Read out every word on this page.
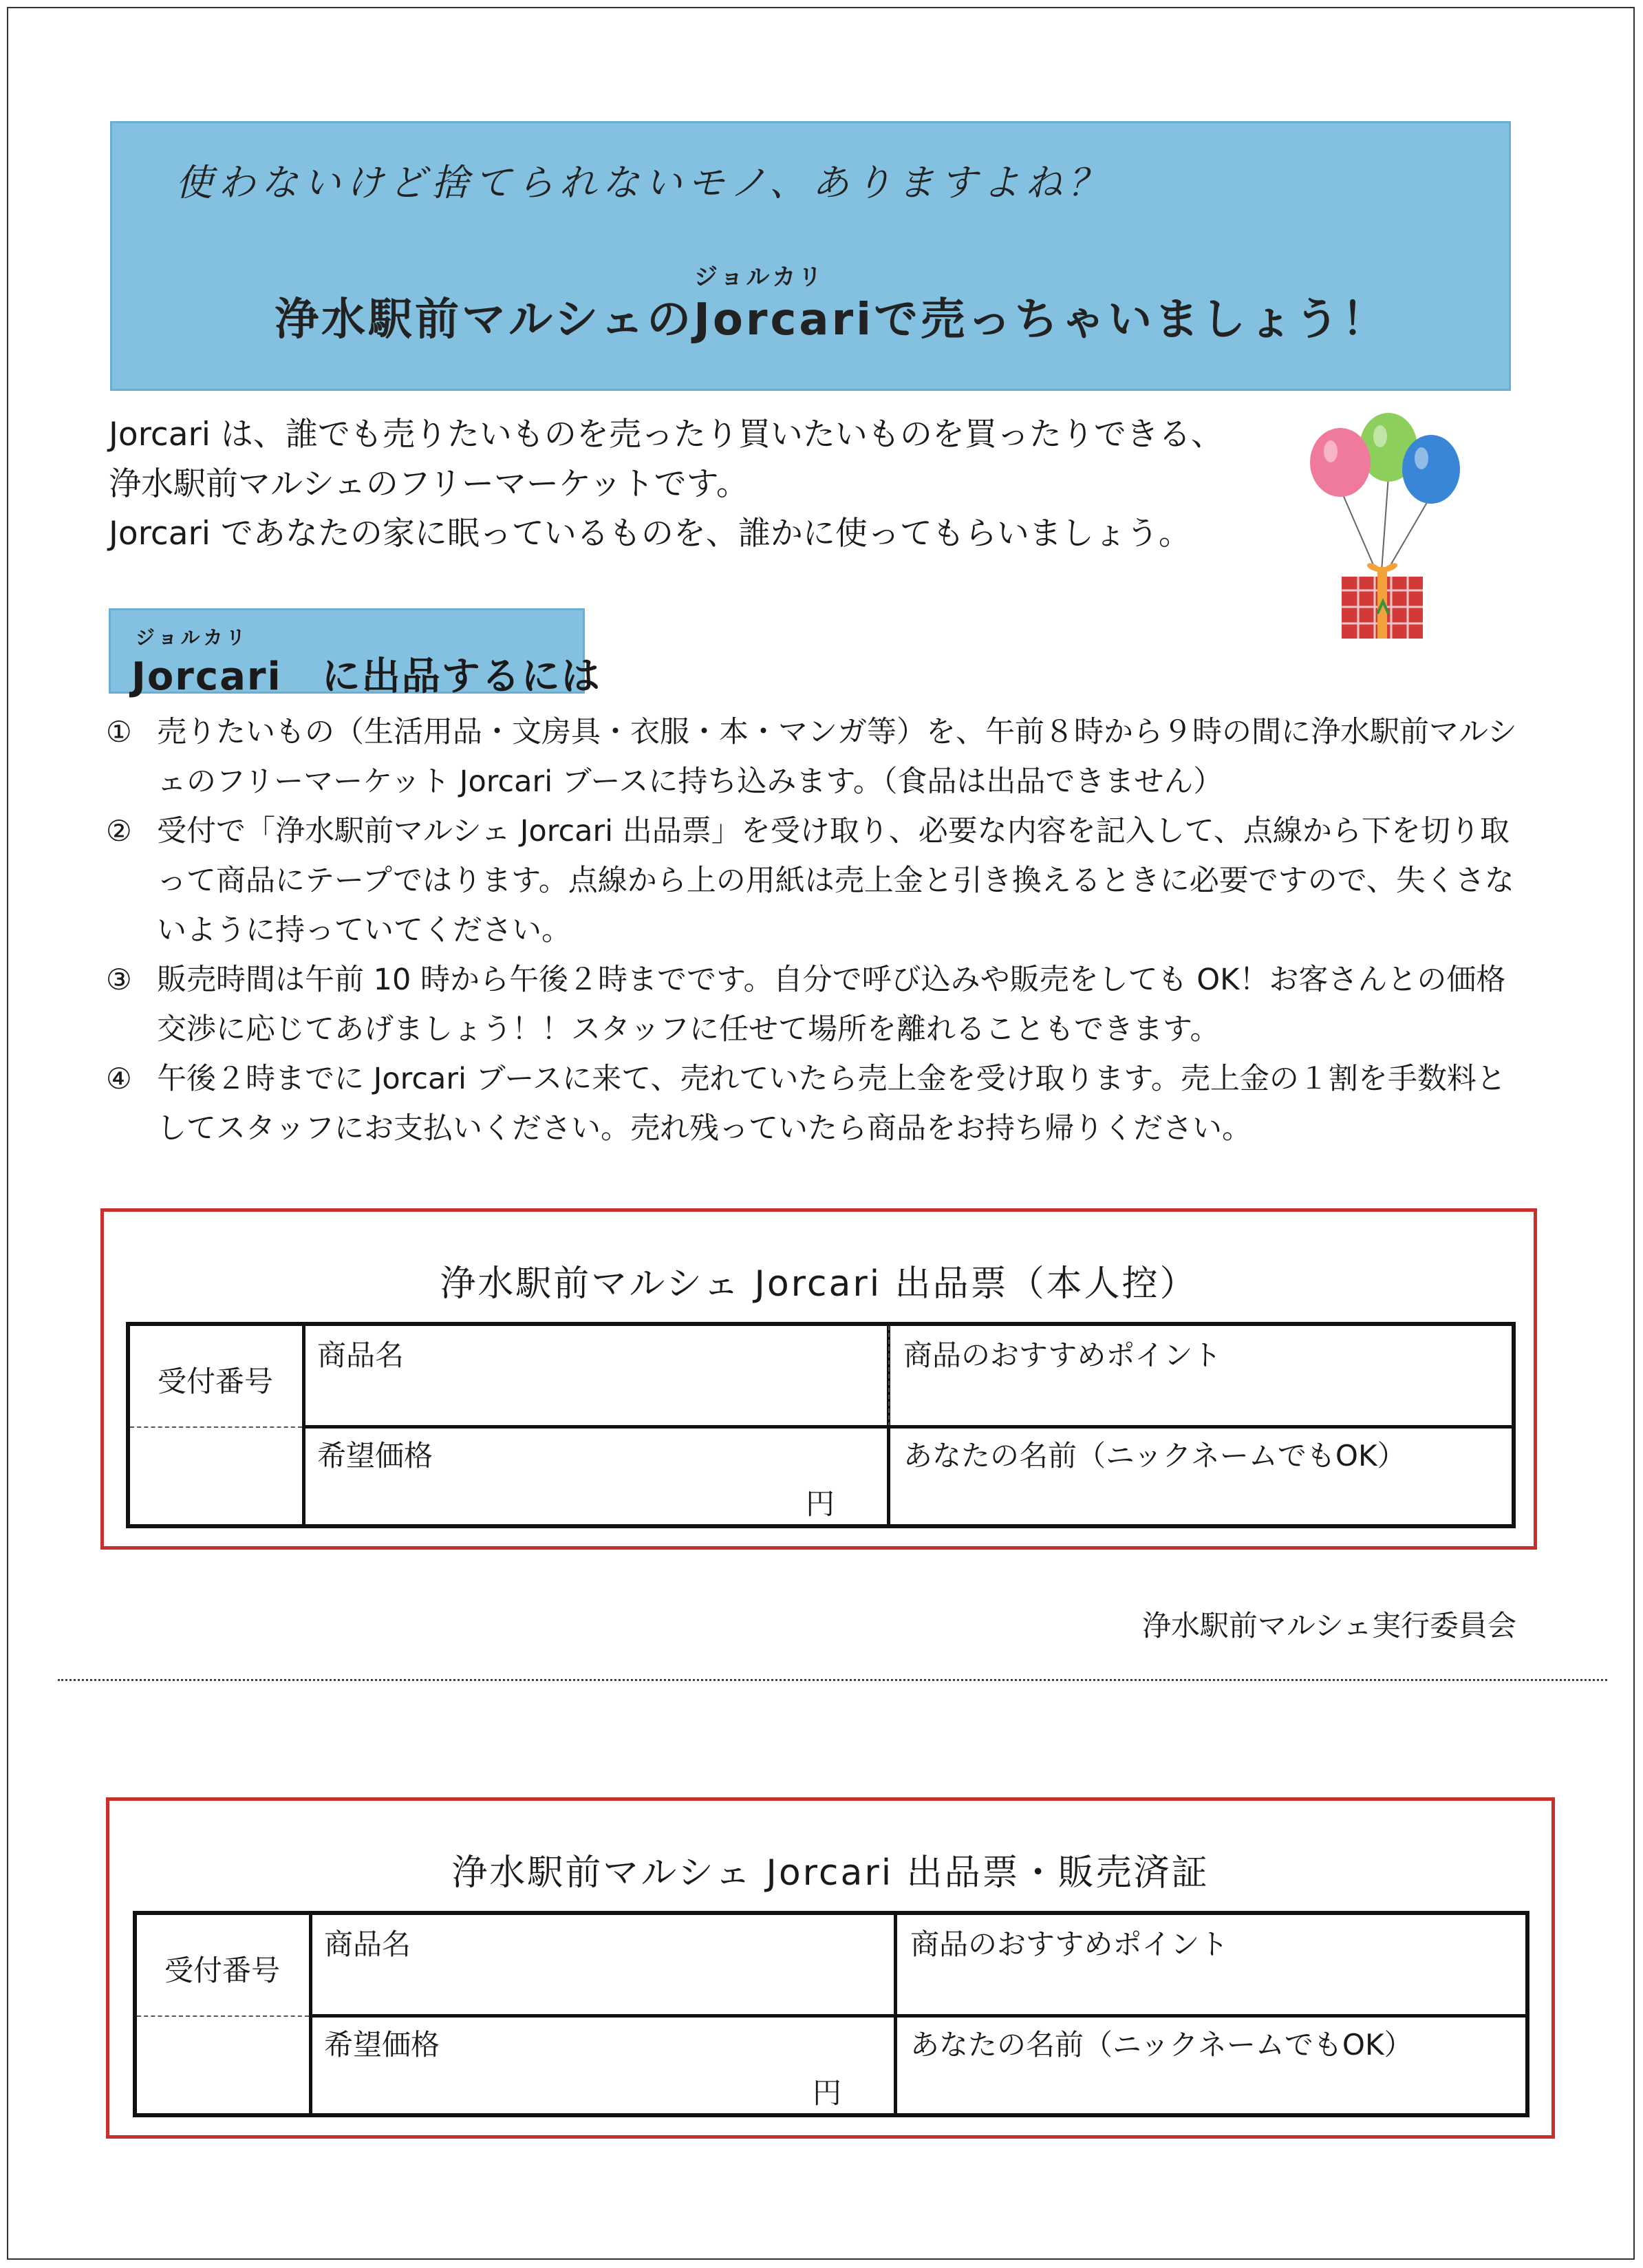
使わないけど捨てられないモノ、ありますよね？
ジョルカリ
浄水駅前マルシェのJorcariで売っちゃいましょう！

Jorcari は、誰でも売りたいものを売ったり買いたいものを買ったりできる、

浄水駅前マルシェのフリーマーケットです。

Jorcari であなたの家に眠っているものを、誰かに使ってもらいましょう。

ジョルカリ
Jorcari　に出品するには
① 売りたいもの（生活用品・文房具・衣服・本・マンガ等）を、午前８時から９時の間に浄水駅前マルシェのフリーマーケット Jorcari ブースに持ち込みます。（食品は出品できません）
② 受付で「浄水駅前マルシェ Jorcari 出品票」を受け取り、必要な内容を記入して、点線から下を切り取って商品にテープではります。点線から上の用紙は売上金と引き換えるときに必要ですので、失くさないように持っていてください。
③ 販売時間は午前 10 時から午後２時までです。自分で呼び込みや販売をしても OK！お客さんとの価格交渉に応じてあげましょう！！スタッフに任せて場所を離れることもできます。
④ 午後２時までに Jorcari ブースに来て、売れていたら売上金を受け取ります。売上金の１割を手数料としてスタッフにお支払いください。売れ残っていたら商品をお持ち帰りください。
浄水駅前マルシェ Jorcari 出品票（本人控）
受付番号
商品名	商品のおすすめポイント
希望価格
円
あなたの名前（ニックネームでもOK）
浄水駅前マルシェ実行委員会
浄水駅前マルシェ Jorcari 出品票・販売済証
受付番号
商品名	商品のおすすめポイント
希望価格
円
あなたの名前（ニックネームでもOK）
